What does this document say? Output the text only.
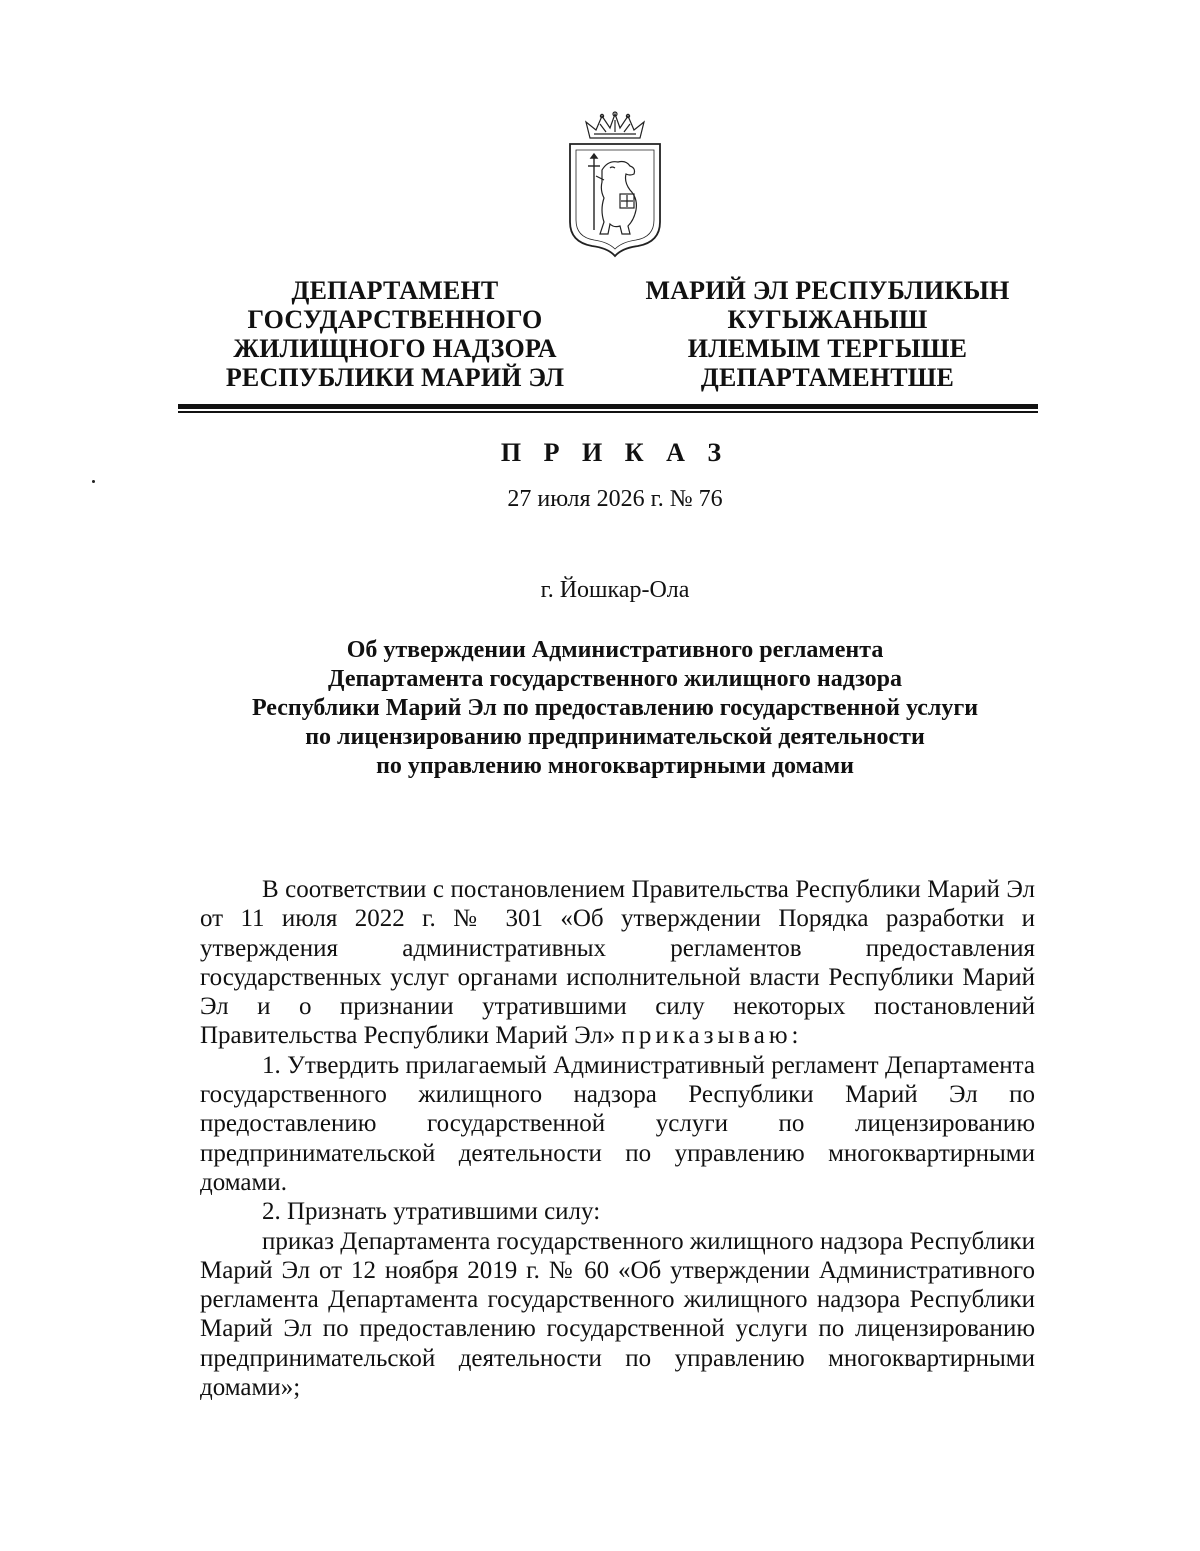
ДЕПАРТАМЕНТ
ГОСУДАРСТВЕННОГО
ЖИЛИЩНОГО НАДЗОРА
РЕСПУБЛИКИ МАРИЙ ЭЛ
МАРИЙ ЭЛ РЕСПУБЛИКЫН
КУГЫЖАНЫШ
ИЛЕМЫМ ТЕРГЫШЕ
ДЕПАРТАМЕНТШЕ
П Р И К А З
27 июля 2026 г. № 76
г. Йошкар-Ола
Об утверждении Административного регламента
Департамента государственного жилищного надзора
Республики Марий Эл по предоставлению государственной услуги
по лицензированию предпринимательской деятельности
по управлению многоквартирными домами

В соответствии с постановлением Правительства Республики Марий Эл от 11 июля 2022 г. № 301 «Об утверждении Порядка разработки и утверждения административных регламентов предоставления государственных услуг органами исполнительной власти Республики Марий Эл и о признании утратившими силу некоторых постановлений Правительства Республики Марий Эл» приказываю:

1. Утвердить прилагаемый Административный регламент Департамента государственного жилищного надзора Республики Марий Эл по предоставлению государственной услуги по лицензированию предпринимательской деятельности по управлению многоквартирными домами.

2. Признать утратившими силу:

приказ Департамента государственного жилищного надзора Республики Марий Эл от 12 ноября 2019 г. № 60 «Об утверждении Административного регламента Департамента государственного жилищного надзора Республики Марий Эл по предоставлению государственной услуги по лицензированию предпринимательской деятельности по управлению многоквартирными домами»;
